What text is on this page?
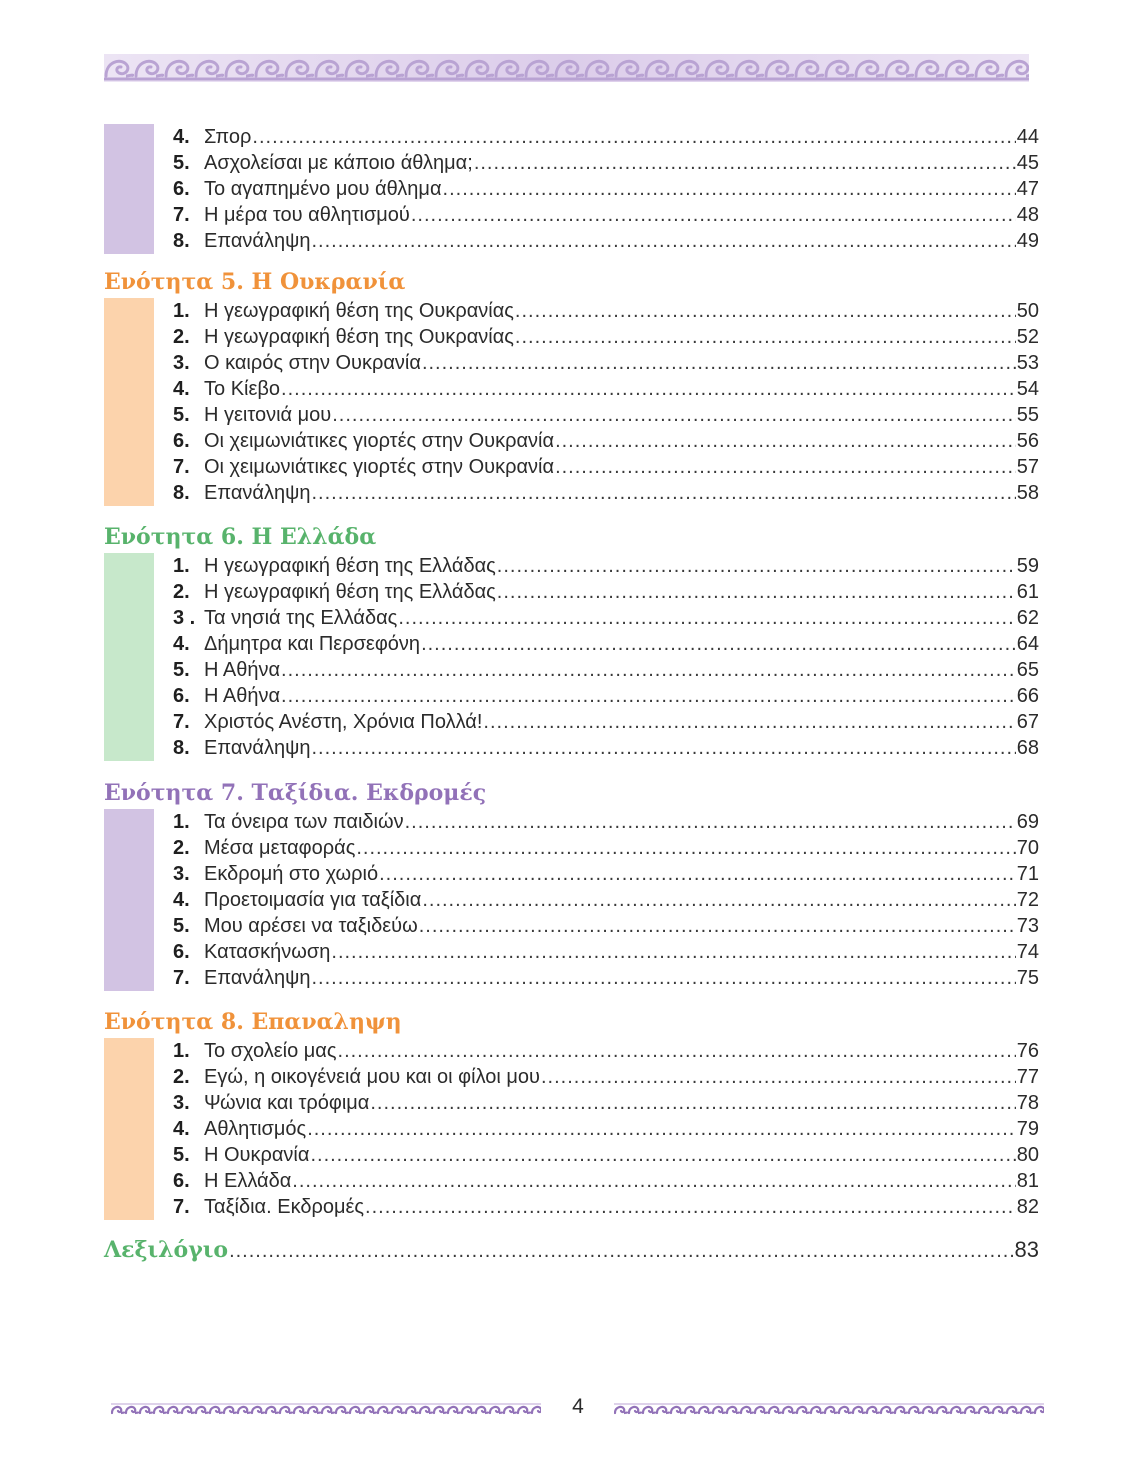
4. Σπορ .....	44
5. Ασχολείσαι με κάποιο άθλημα; .....	45
6. Το αγαπημένο μου άθλημα .....	47
7. Η μέρα του αθλητισμού .....	48
8. Επανάληψη .....	49
Ενότητα 5. Η Ουκρανία
1. Η γεωγραφική θέση της Ουκρανίας .....	50
2. Η γεωγραφική θέση της Ουκρανίας .....	52
3. Ο καιρός στην Ουκρανία .....	53
4. Το Κίεβο .....	54
5. Η γειτονιά μου .....	55
6. Οι χειμωνιάτικες γιορτές στην Ουκρανία .....	56
7. Οι χειμωνιάτικες γιορτές στην Ουκρανία .....	57
8. Επανάληψη .....	58
Ενότητα 6. Η Ελλάδα
1. Η γεωγραφική θέση της Ελλάδας .....	59
2. Η γεωγραφική θέση της Ελλάδας .....	61
3 . Τα νησιά της Ελλάδας .....	62
4. Δήμητρα και Περσεφόνη .....	64
5. Η Αθήνα .....	65
6. Η Αθήνα .....	66
7. Χριστός Ανέστη, Χρόνια Πολλά! .....	67
8. Επανάληψη .....	68
Ενότητα 7. Ταξίδια. Εκδρομές
1. Τα όνειρα των παιδιών .....	69
2. Μέσα μεταφοράς .....	70
3. Εκδρομή στο χωριό .....	71
4. Προετοιμασία για ταξίδια .....	72
5. Μου αρέσει να ταξιδεύω .....	73
6. Κατασκήνωση .....	74
7. Επανάληψη .....	75
Ενότητα 8. Επαναληψη
1. Το σχολείο μας .....	76
2. Εγώ, η οικογένειά μου και οι φίλοι μου .....	77
3. Ψώνια και τρόφιμα .....	78
4. Αθλητισμός .....	79
5. Η Ουκρανία .....	80
6. Η Ελλάδα .....	81
7. Ταξίδια. Εκδρομές .....	82
Λεξιλόγιο .....	83
4
